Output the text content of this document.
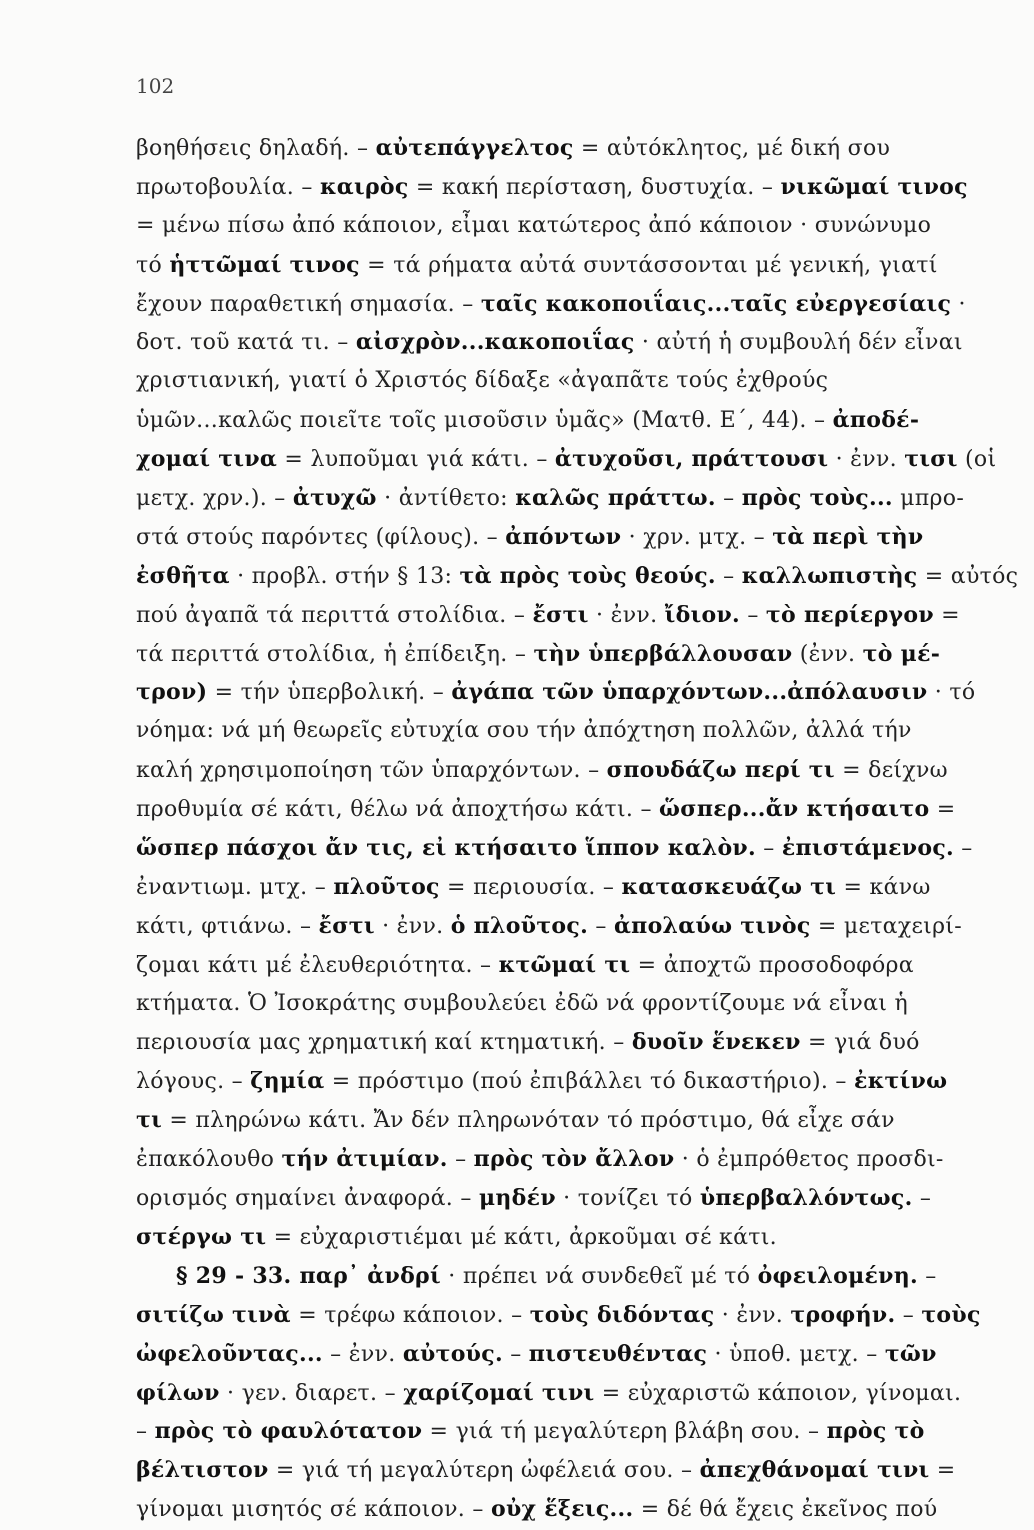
102
βοηθήσεις δηλαδή. – αὐτεπάγγελτος = αὐτόκλητος, μέ δική σου
πρωτοβουλία. – καιρὸς = κακή περίσταση, δυστυχία. – νικῶμαί τινος
= μένω πίσω ἀπό κάποιον, εἶμαι κατώτερος ἀπό κάποιον · συνώνυμο
τό ἡττῶμαί τινος = τά ρήματα αὐτά συντάσσονται μέ γενική, γιατί
ἔχουν παραθετική σημασία. – ταῖς κακοποιΐαις...ταῖς εὐεργεσίαις ·
δοτ. τοῦ κατά τι. – αἰσχρὸν...κακοποιΐας · αὐτή ἡ συμβουλή δέν εἶναι
χριστιανική, γιατί ὁ Χριστός δίδαξε «ἀγαπᾶτε τούς ἐχθρούς
ὑμῶν...καλῶς ποιεῖτε τοῖς μισοῦσιν ὑμᾶς» (Ματθ. Ε΄, 44). – ἀποδέ-
χομαί τινα = λυποῦμαι γιά κάτι. – ἀτυχοῦσι, πράττουσι · ἐνν. τισι (οἱ
μετχ. χρν.). – ἀτυχῶ · ἀντίθετο: καλῶς πράττω. – πρὸς τοὺς... μπρο-
στά στούς παρόντες (φίλους). – ἀπόντων · χρν. μτχ. – τὰ περὶ τὴν
ἐσθῆτα · προβλ. στήν § 13: τὰ πρὸς τοὺς θεούς. – καλλωπιστὴς = αὐτός
πού ἀγαπᾶ τά περιττά στολίδια. – ἔστι · ἐνν. ἴδιον. – τὸ περίεργον =
τά περιττά στολίδια, ἡ ἐπίδειξη. – τὴν ὑπερβάλλουσαν (ἐνν. τὸ μέ-
τρον) = τήν ὑπερβολική. – ἀγάπα τῶν ὑπαρχόντων...ἀπόλαυσιν · τό
νόημα: νά μή θεωρεῖς εὐτυχία σου τήν ἀπόχτηση πολλῶν, ἀλλά τήν
καλή χρησιμοποίηση τῶν ὑπαρχόντων. – σπουδάζω περί τι = δείχνω
προθυμία σέ κάτι, θέλω νά ἀποχτήσω κάτι. – ὥσπερ...ἄν κτήσαιτο =
ὥσπερ πάσχοι ἄν τις, εἰ κτήσαιτο ἵππον καλὸν. – ἐπιστάμενος. –
ἐναντιωμ. μτχ. – πλοῦτος = περιουσία. – κατασκευάζω τι = κάνω
κάτι, φτιάνω. – ἔστι · ἐνν. ὁ πλοῦτος. – ἀπολαύω τινὸς = μεταχειρί-
ζομαι κάτι μέ ἐλευθεριότητα. – κτῶμαί τι = ἀποχτῶ προσοδοφόρα
κτήματα. Ὁ Ἰσοκράτης συμβουλεύει ἐδῶ νά φροντίζουμε νά εἶναι ἡ
περιουσία μας χρηματική καί κτηματική. – δυοῖν ἕνεκεν = γιά δυό
λόγους. – ζημία = πρόστιμο (πού ἐπιβάλλει τό δικαστήριο). – ἐκτίνω
τι = πληρώνω κάτι. Ἄν δέν πληρωνόταν τό πρόστιμο, θά εἶχε σάν
ἐπακόλουθο τήν ἀτιμίαν. – πρὸς τὸν ἄλλον · ὁ ἐμπρόθετος προσδι-
ορισμός σημαίνει ἀναφορά. – μηδέν · τονίζει τό ὑπερβαλλόντως. –
στέργω τι = εὐχαριστιέμαι μέ κάτι, ἀρκοῦμαι σέ κάτι.
§ 29 - 33. παρ᾽ ἀνδρί · πρέπει νά συνδεθεῖ μέ τό ὀφειλομένη. –
σιτίζω τινὰ = τρέφω κάποιον. – τοὺς διδόντας · ἐνν. τροφήν. – τοὺς
ὠφελοῦντας... – ἐνν. αὐτούς. – πιστευθέντας · ὑποθ. μετχ. – τῶν
φίλων · γεν. διαρετ. – χαρίζομαί τινι = εὐχαριστῶ κάποιον, γίνομαι.
– πρὸς τὸ φαυλότατον = γιά τή μεγαλύτερη βλάβη σου. – πρὸς τὸ
βέλτιστον = γιά τή μεγαλύτερη ὠφέλειά σου. – ἀπεχθάνομαί τινι =
γίνομαι μισητός σέ κάποιον. – οὐχ ἕξεις... = δέ θά ἔχεις ἐκεῖνος πού
